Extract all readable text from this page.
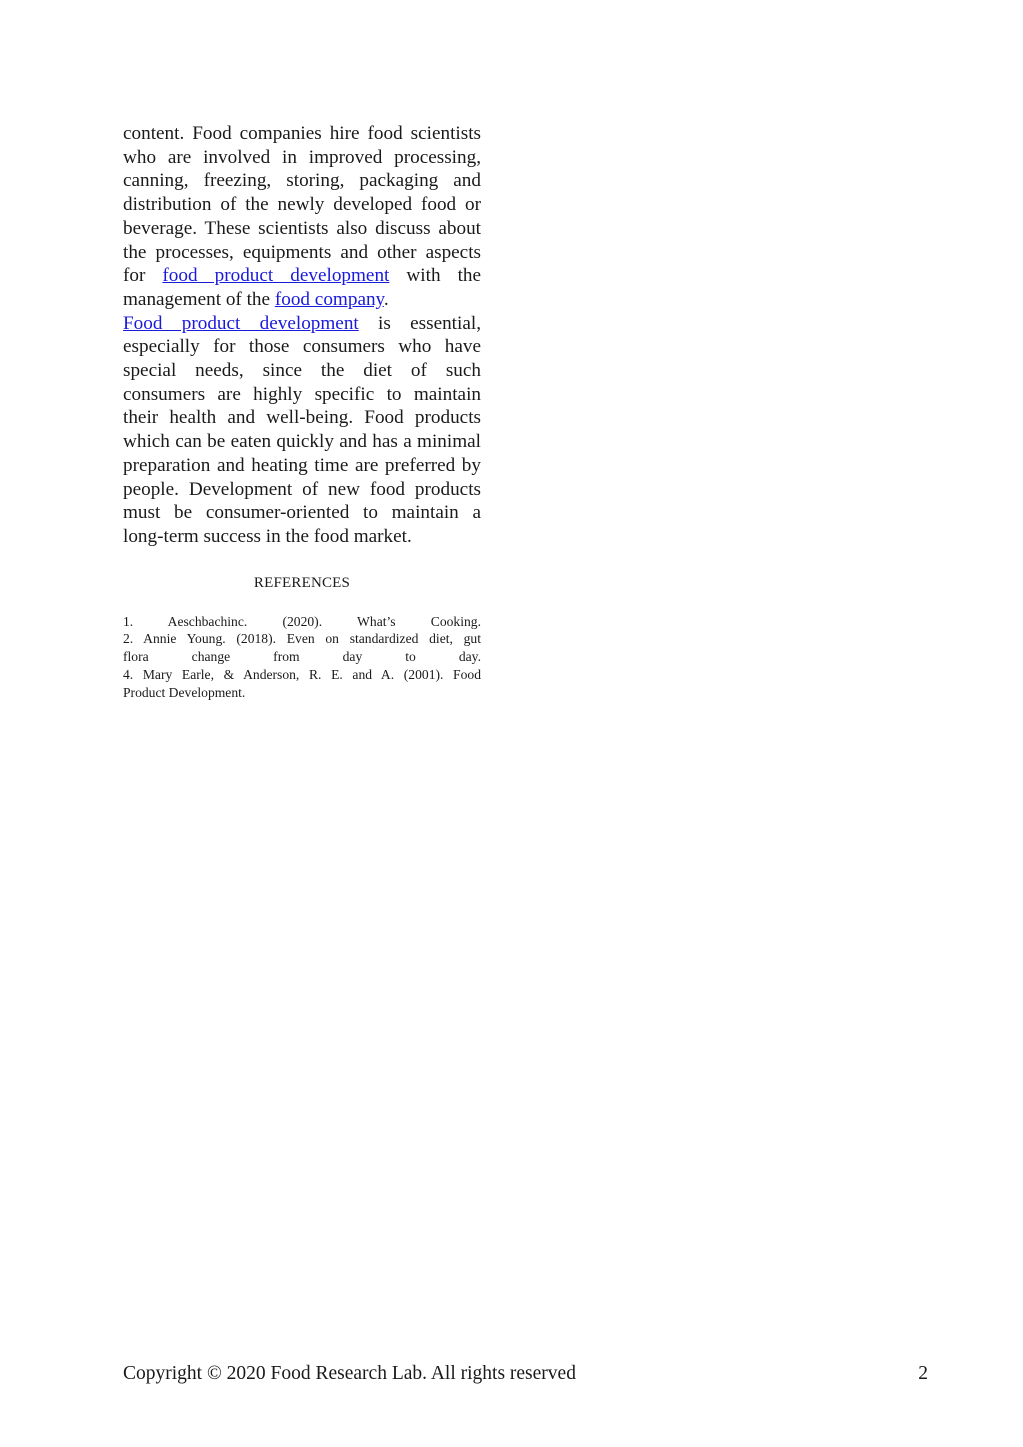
content. Food companies hire food scientists who are involved in improved processing, canning, freezing, storing, packaging and distribution of the newly developed food or beverage. These scientists also discuss about the processes, equipments and other aspects for food product development with the management of the food company.

Food product development is essential, especially for those consumers who have special needs, since the diet of such consumers are highly specific to maintain their health and well-being. Food products which can be eaten quickly and has a minimal preparation and heating time are preferred by people. Development of new food products must be consumer-oriented to maintain a long-term success in the food market.

REFERENCES
1. Aeschbachinc. (2020). What’s Cooking.
2. Annie Young. (2018). Even on standardized diet, gut
flora change from day to day.
4. Mary Earle, & Anderson, R. E. and A. (2001). Food
Product Development.
Copyright © 2020 Food Research Lab. All rights reserved	2
